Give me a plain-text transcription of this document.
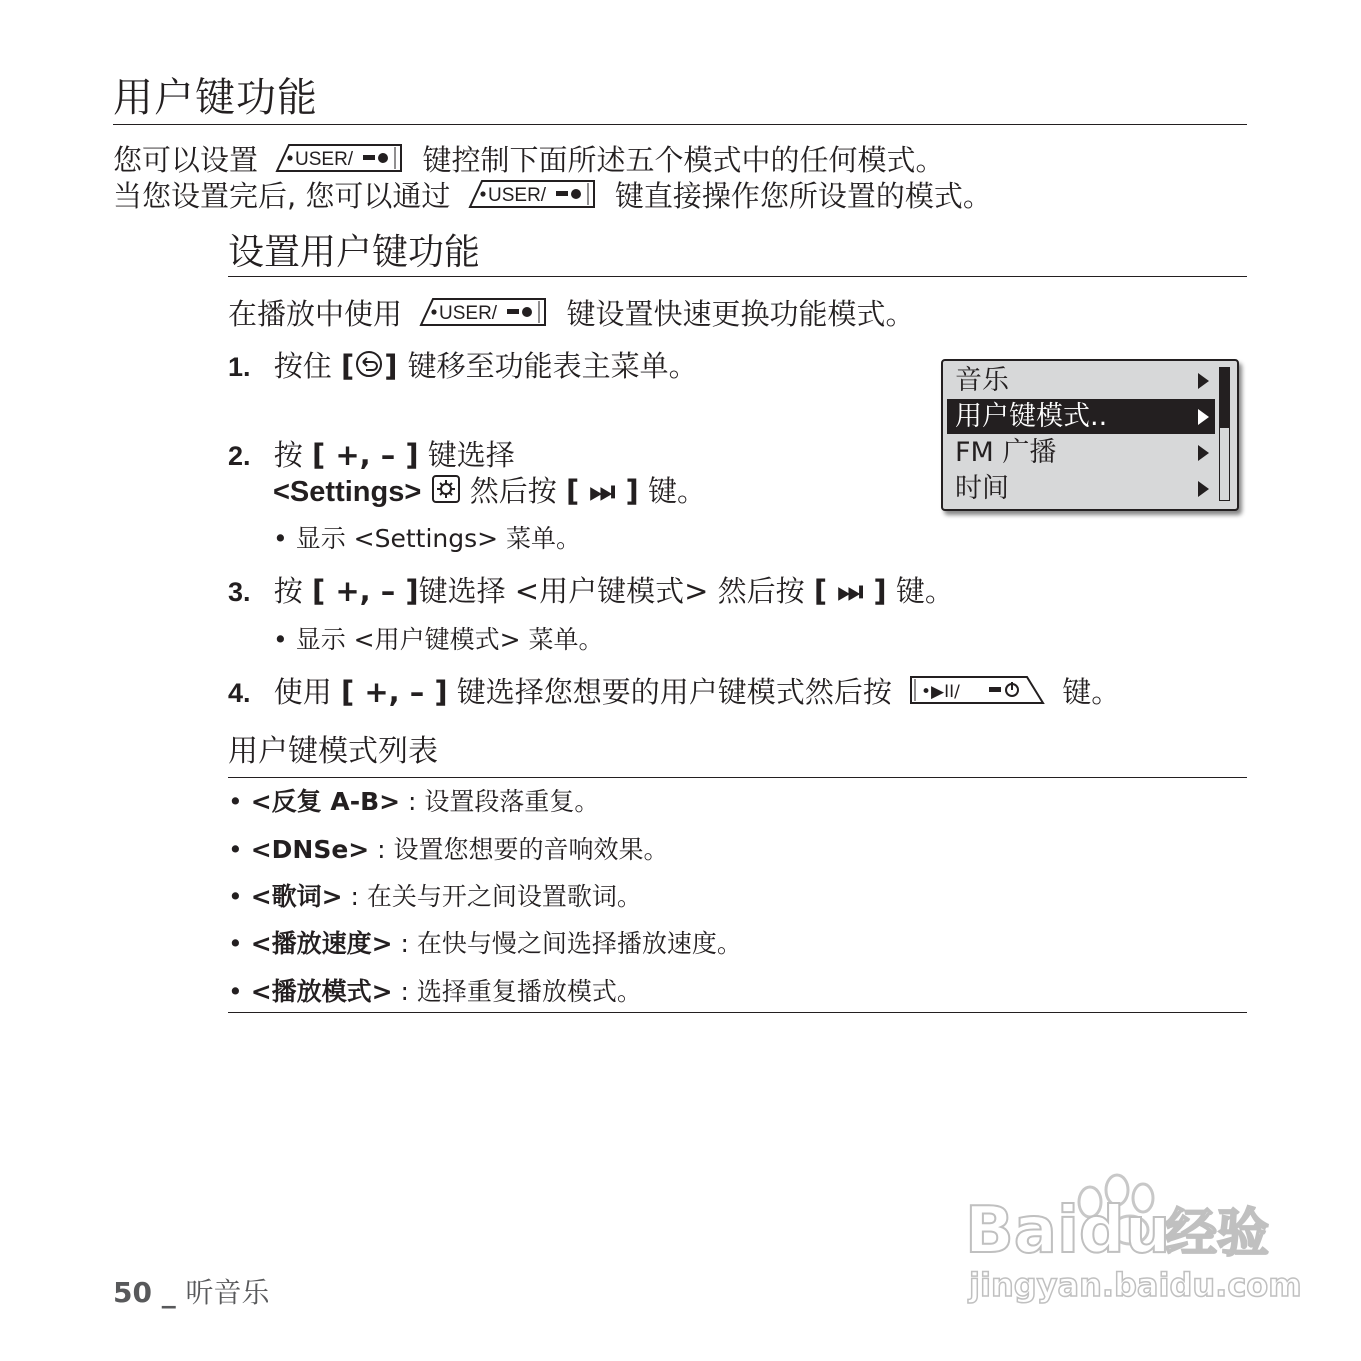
用户键功能
您可以设置 USER/ 键控制下面所述五个模式中的任何模式。
当您设置完后, 您可以通过 USER/ 键直接操作您所设置的模式。
设置用户键功能
在播放中使用 USER/ 键设置快速更换功能模式。
1. 按住 [ ] 键移至功能表主菜单。
2. 按 [ +, – ] 键选择
<Settings>  然后按 [ ⏭ ] 键。
• 显示 <Settings> 菜单。
3. 按 [ +, – ]键选择 <用户键模式> 然后按 [ ⏭ ] 键。
• 显示 <用户键模式> 菜单。
4. 使用 [ +, – ] 键选择您想要的用户键模式然后按 •▶II/	键。
音乐
用户键模式..
FM 广播
时间
用户键模式列表
• <反复 A-B> : 设置段落重复。
• <DNSe> : 设置您想要的音响效果。
• <歌词> : 在关与开之间设置歌词。
• <播放速度> : 在快与慢之间选择播放速度。
• <播放模式> : 选择重复播放模式。
50 _ 听音乐
Baidu
经验
jingyan.baidu.com
